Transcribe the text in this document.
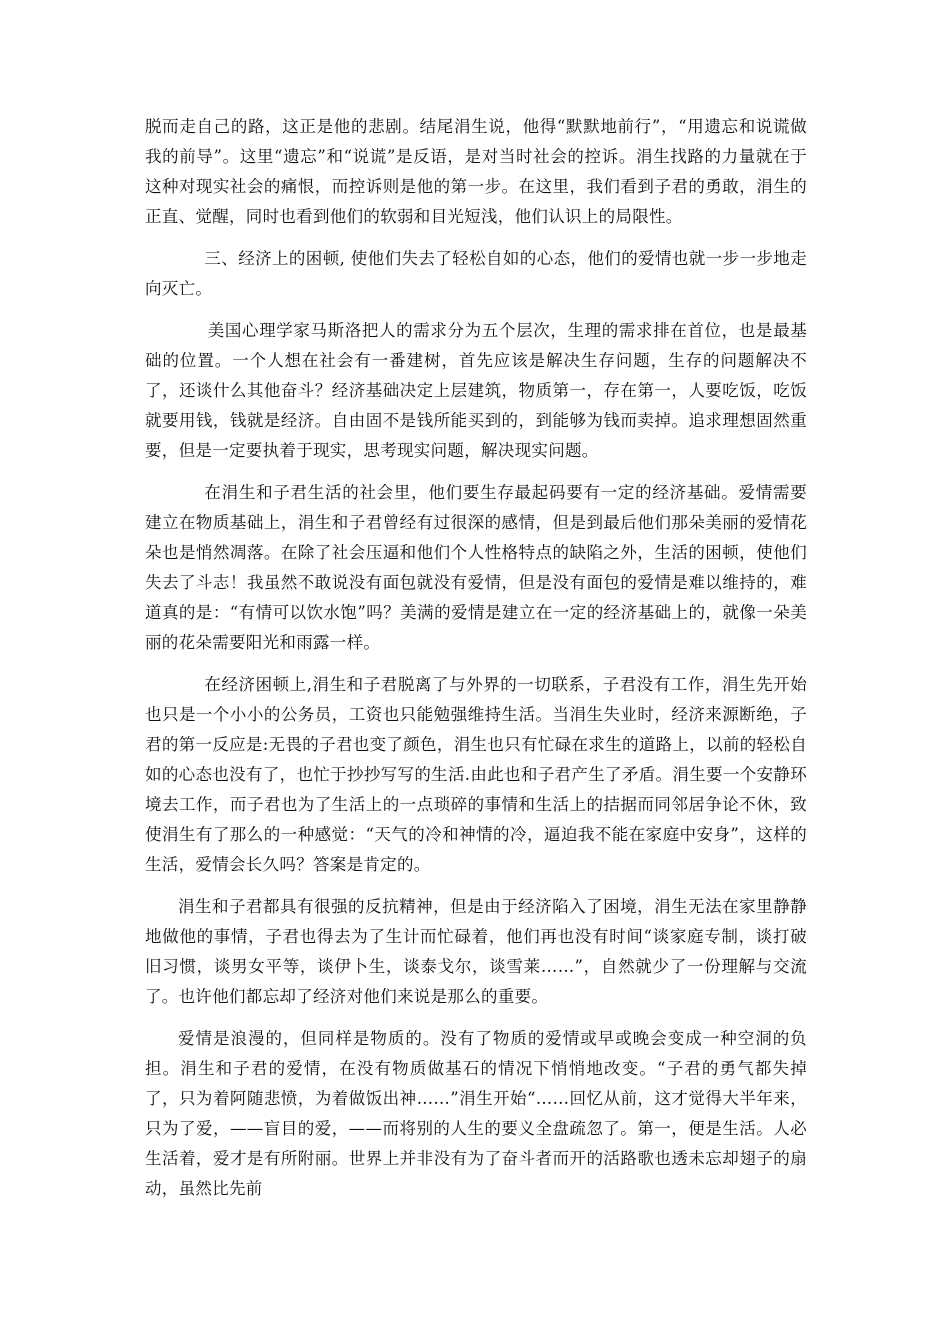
脱而走自己的路，这正是他的悲剧。结尾涓生说，他得“默默地前行”，“用遗忘和说谎做我的前导”。这里“遗忘”和“说谎”是反语，是对当时社会的控诉。涓生找路的力量就在于这种对现实社会的痛恨，而控诉则是他的第一步。在这里，我们看到子君的勇敢，涓生的正直、觉醒，同时也看到他们的软弱和目光短浅，他们认识上的局限性。

三、经济上的困顿, 使他们失去了轻松自如的心态，他们的爱情也就一步一步地走向灭亡。

美国心理学家马斯洛把人的需求分为五个层次，生理的需求排在首位，也是最基础的位置。一个人想在社会有一番建树，首先应该是解决生存问题，生存的问题解决不了，还谈什么其他奋斗？经济基础决定上层建筑，物质第一，存在第一，人要吃饭，吃饭就要用钱，钱就是经济。自由固不是钱所能买到的，到能够为钱而卖掉。追求理想固然重要，但是一定要执着于现实，思考现实问题，解决现实问题。

在涓生和子君生活的社会里，他们要生存最起码要有一定的经济基础。爱情需要建立在物质基础上，涓生和子君曾经有过很深的感情，但是到最后他们那朵美丽的爱情花朵也是悄然凋落。在除了社会压逼和他们个人性格特点的缺陷之外，生活的困顿，使他们失去了斗志！我虽然不敢说没有面包就没有爱情，但是没有面包的爱情是难以维持的，难道真的是：“有情可以饮水饱”吗？美满的爱情是建立在一定的经济基础上的，就像一朵美丽的花朵需要阳光和雨露一样。

在经济困顿上,涓生和子君脱离了与外界的一切联系，子君没有工作，涓生先开始也只是一个小小的公务员，工资也只能勉强维持生活。当涓生失业时，经济来源断绝，子君的第一反应是:无畏的子君也变了颜色，涓生也只有忙碌在求生的道路上，以前的轻松自如的心态也没有了，也忙于抄抄写写的生活.由此也和子君产生了矛盾。涓生要一个安静环境去工作，而子君也为了生活上的一点琐碎的事情和生活上的拮据而同邻居争论不休，致使涓生有了那么的一种感觉：“天气的冷和神情的冷，逼迫我不能在家庭中安身”，这样的生活，爱情会长久吗？答案是肯定的。

涓生和子君都具有很强的反抗精神，但是由于经济陷入了困境，涓生无法在家里静静地做他的事情，子君也得去为了生计而忙碌着，他们再也没有时间“谈家庭专制，谈打破旧习惯，谈男女平等，谈伊卜生，谈泰戈尔，谈雪莱……”，自然就少了一份理解与交流了。也许他们都忘却了经济对他们来说是那么的重要。

爱情是浪漫的，但同样是物质的。没有了物质的爱情或早或晚会变成一种空洞的负担。涓生和子君的爱情，在没有物质做基石的情况下悄悄地改变。“子君的勇气都失掉了，只为着阿随悲愤，为着做饭出神……”涓生开始“……回忆从前，这才觉得大半年来，只为了爱，——盲目的爱，——而将别的人生的要义全盘疏忽了。第一，便是生活。人必生活着，爱才是有所附丽。世界上并非没有为了奋斗者而开的活路歌也透未忘却翅子的扇动，虽然比先前
